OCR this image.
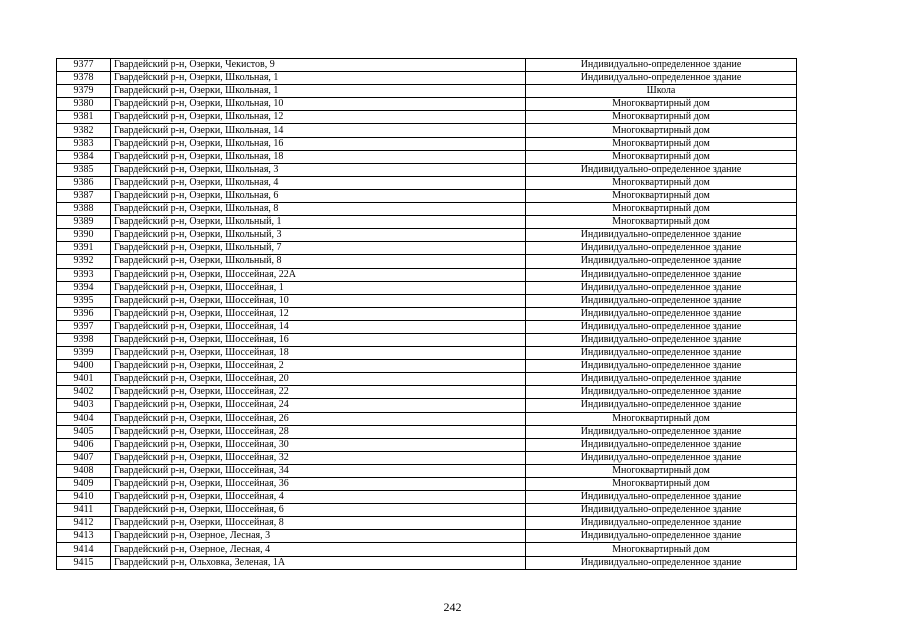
9377	Гвардейский р-н, Озерки, Чекистов, 9	Индивидуально-определенное здание
9378	Гвардейский р-н, Озерки, Школьная, 1	Индивидуально-определенное здание
9379	Гвардейский р-н, Озерки, Школьная, 1	Школа
9380	Гвардейский р-н, Озерки, Школьная, 10	Многоквартирный дом
9381	Гвардейский р-н, Озерки, Школьная, 12	Многоквартирный дом
9382	Гвардейский р-н, Озерки, Школьная, 14	Многоквартирный дом
9383	Гвардейский р-н, Озерки, Школьная, 16	Многоквартирный дом
9384	Гвардейский р-н, Озерки, Школьная, 18	Многоквартирный дом
9385	Гвардейский р-н, Озерки, Школьная, 3	Индивидуально-определенное здание
9386	Гвардейский р-н, Озерки, Школьная, 4	Многоквартирный дом
9387	Гвардейский р-н, Озерки, Школьная, 6	Многоквартирный дом
9388	Гвардейский р-н, Озерки, Школьная, 8	Многоквартирный дом
9389	Гвардейский р-н, Озерки, Школьный, 1	Многоквартирный дом
9390	Гвардейский р-н, Озерки, Школьный, 3	Индивидуально-определенное здание
9391	Гвардейский р-н, Озерки, Школьный, 7	Индивидуально-определенное здание
9392	Гвардейский р-н, Озерки, Школьный, 8	Индивидуально-определенное здание
9393	Гвардейский р-н, Озерки, Шоссейная, 22А	Индивидуально-определенное здание
9394	Гвардейский р-н, Озерки, Шоссейная, 1	Индивидуально-определенное здание
9395	Гвардейский р-н, Озерки, Шоссейная, 10	Индивидуально-определенное здание
9396	Гвардейский р-н, Озерки, Шоссейная, 12	Индивидуально-определенное здание
9397	Гвардейский р-н, Озерки, Шоссейная, 14	Индивидуально-определенное здание
9398	Гвардейский р-н, Озерки, Шоссейная, 16	Индивидуально-определенное здание
9399	Гвардейский р-н, Озерки, Шоссейная, 18	Индивидуально-определенное здание
9400	Гвардейский р-н, Озерки, Шоссейная, 2	Индивидуально-определенное здание
9401	Гвардейский р-н, Озерки, Шоссейная, 20	Индивидуально-определенное здание
9402	Гвардейский р-н, Озерки, Шоссейная, 22	Индивидуально-определенное здание
9403	Гвардейский р-н, Озерки, Шоссейная, 24	Индивидуально-определенное здание
9404	Гвардейский р-н, Озерки, Шоссейная, 26	Многоквартирный дом
9405	Гвардейский р-н, Озерки, Шоссейная, 28	Индивидуально-определенное здание
9406	Гвардейский р-н, Озерки, Шоссейная, 30	Индивидуально-определенное здание
9407	Гвардейский р-н, Озерки, Шоссейная, 32	Индивидуально-определенное здание
9408	Гвардейский р-н, Озерки, Шоссейная, 34	Многоквартирный дом
9409	Гвардейский р-н, Озерки, Шоссейная, 36	Многоквартирный дом
9410	Гвардейский р-н, Озерки, Шоссейная, 4	Индивидуально-определенное здание
9411	Гвардейский р-н, Озерки, Шоссейная, 6	Индивидуально-определенное здание
9412	Гвардейский р-н, Озерки, Шоссейная, 8	Индивидуально-определенное здание
9413	Гвардейский р-н, Озерное, Лесная, 3	Индивидуально-определенное здание
9414	Гвардейский р-н, Озерное, Лесная, 4	Многоквартирный дом
9415	Гвардейский р-н, Ольховка, Зеленая, 1А	Индивидуально-определенное здание
242
